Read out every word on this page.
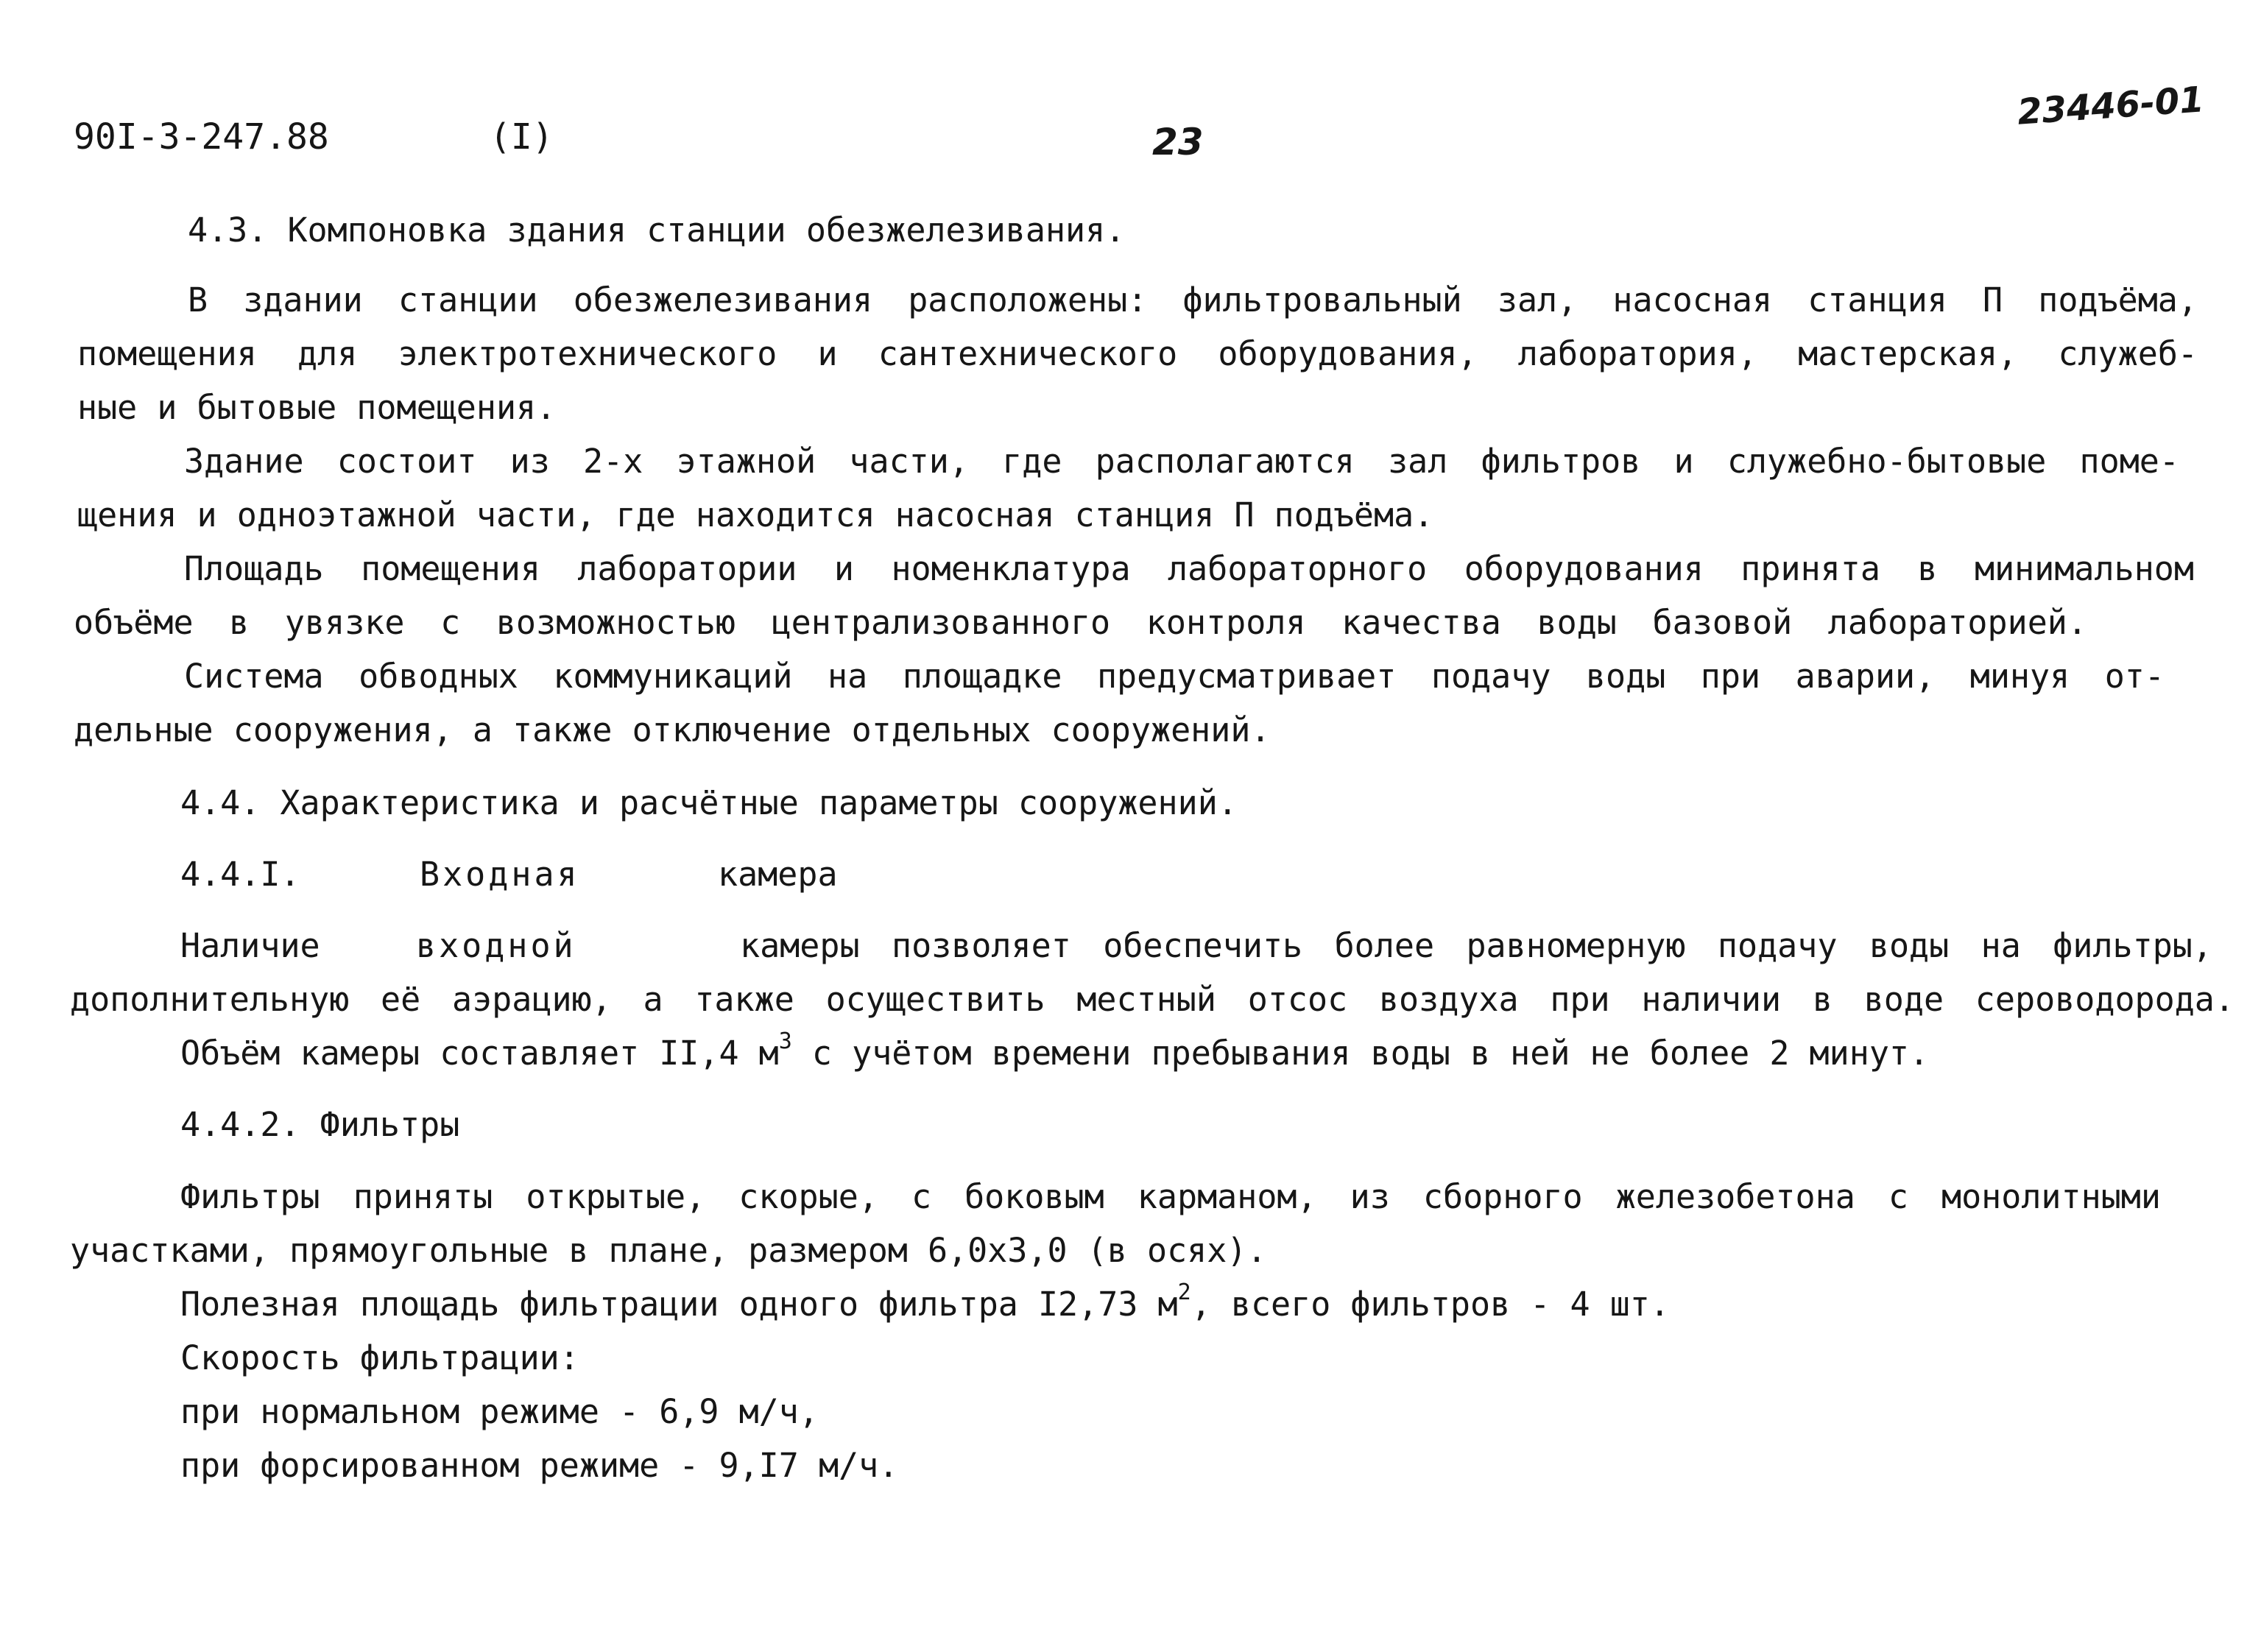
90I-3-247.88	(I)	23
23446-01
4.3. Компоновка здания станции обезжелезивания.
В здании станции обезжелезивания расположены: фильтровальный зал, насосная станция П подъёма,
помещения для электротехнического и сантехнического оборудования, лаборатория, мастерская, служеб-
ные и бытовые помещения.
Здание состоит из 2-х этажной части, где располагаются зал фильтров и служебно-бытовые поме-
щения и одноэтажной части, где находится насосная станция П подъёма.
Площадь помещения лаборатории и номенклатура лабораторного оборудования принята в минимальном
объёме в увязке с возможностью централизованного контроля качества воды базовой лабораторией.
Система обводных коммуникаций на площадке предусматривает подачу воды при аварии, минуя от-
дельные сооружения, а также отключение отдельных сооружений.
4.4. Характеристика и расчётные параметры сооружений.
4.4.I.	Входная	камера
Наличие	входной	камеры позволяет обеспечить более равномерную подачу воды на фильтры,
дополнительную её аэрацию, а также осуществить местный отсос воздуха при наличии в воде сероводорода.
Объём камеры составляет II,4 $м^3$ с учётом времени пребывания воды в ней не более 2 минут.
4.4.2. Фильтры
Фильтры приняты открытые, скорые, с боковым карманом, из сборного железобетона с монолитными
участками, прямоугольные в плане, размером 6,0х3,0 (в осях).
Полезная площадь фильтрации одного фильтра I2,73 $м^2$, всего фильтров - 4 шт.
Скорость фильтрации:
при нормальном режиме - 6,9 м/ч,
при форсированном режиме - 9,I7 м/ч.
